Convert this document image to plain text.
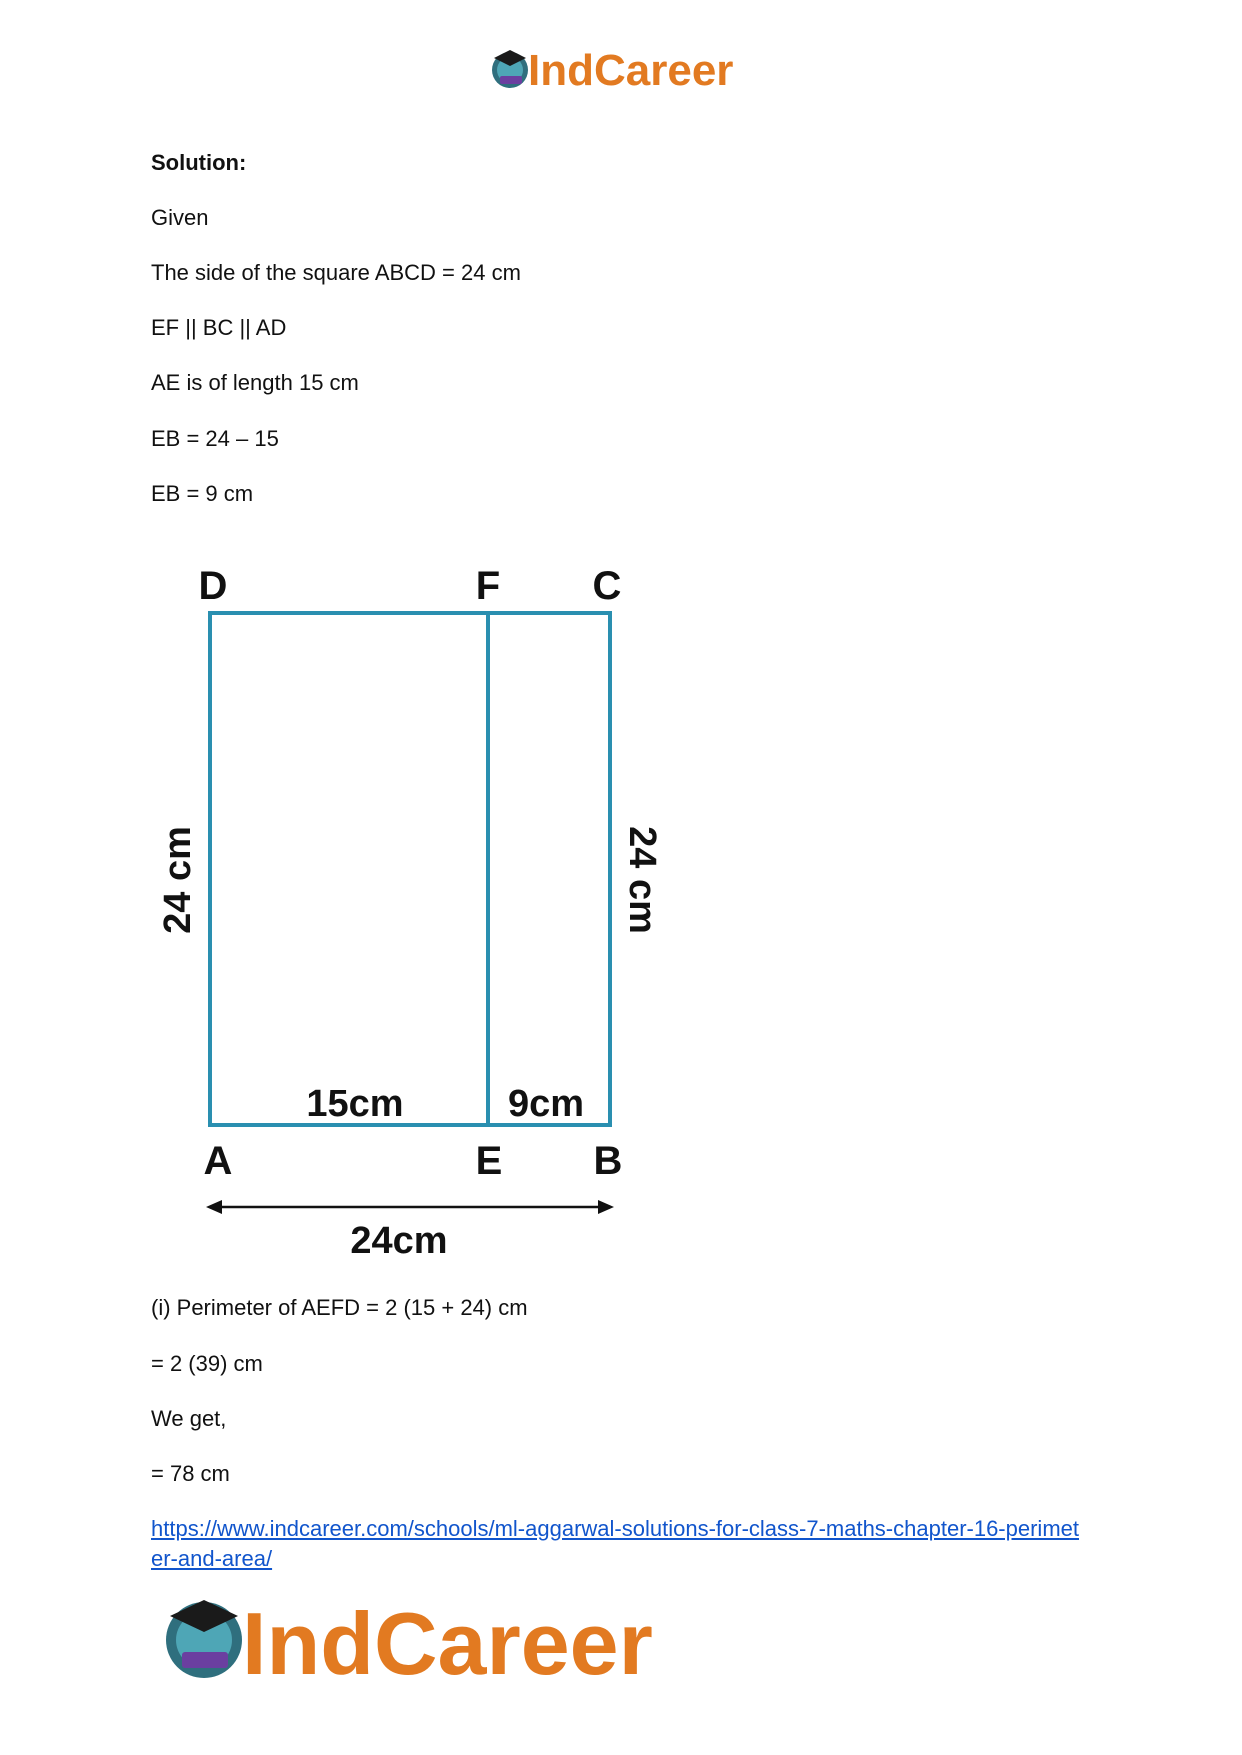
IndCareer
Solution:
Given
The side of the square ABCD = 24 cm
EF || BC || AD
AE is of length 15 cm
EB = 24 – 15
EB = 9 cm
D	F C
A	E B
15cm	9cm
24 cm	24 cm
24cm
(i) Perimeter of AEFD = 2 (15 + 24) cm
= 2 (39) cm
We get,
= 78 cm
https://www.indcareer.com/schools/ml-aggarwal-solutions-for-class-7-maths-chapter-16-perimeter-and-area/
IndCareer
